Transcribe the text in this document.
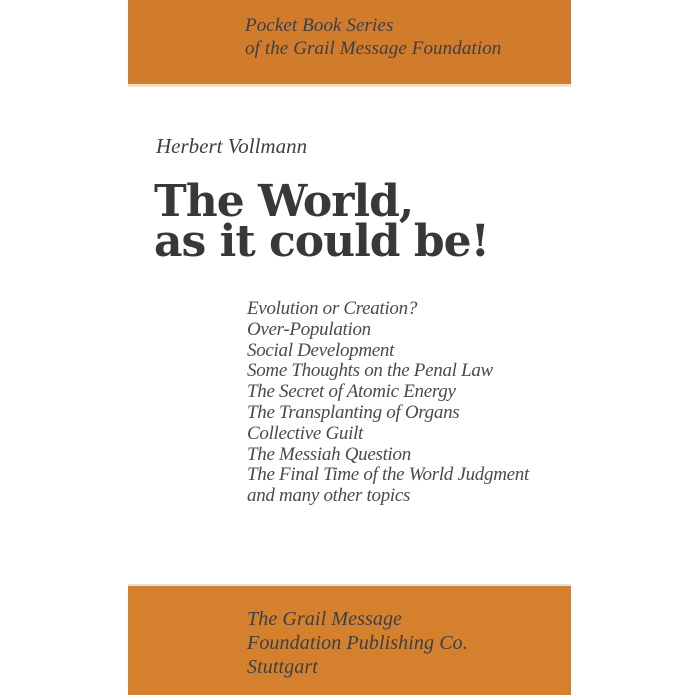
Pocket Book Series
of the Grail Message Foundation
Herbert Vollmann
The World,
as it could be!
Evolution or Creation?
Over-Population
Social Development
Some Thoughts on the Penal Law
The Secret of Atomic Energy
The Transplanting of Organs
Collective Guilt
The Messiah Question
The Final Time of the World Judgment
and many other topics
The Grail Message
Foundation Publishing Co.
Stuttgart
